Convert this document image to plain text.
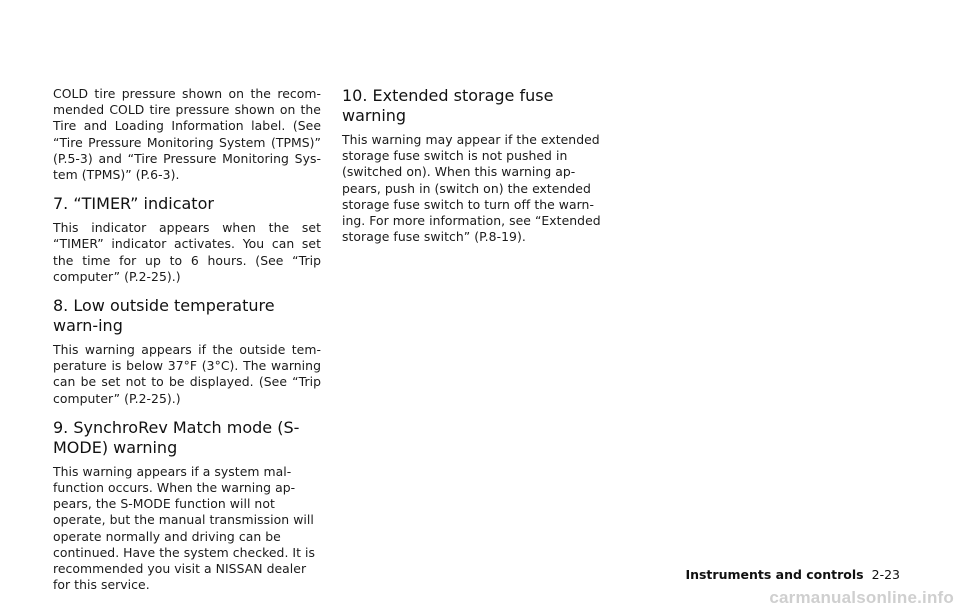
COLD tire pressure shown on the recom-mended COLD tire pressure shown on the Tire and Loading Information label. (See “Tire Pressure Monitoring System (TPMS)” (P.5-3) and “Tire Pressure Monitoring Sys-tem (TPMS)” (P.6-3).

7. “TIMER” indicator

This indicator appears when the set “TIMER” indicator activates. You can set the time for up to 6 hours. (See “Trip computer” (P.2-25).)

8. Low outside temperature warn-ing

This warning appears if the outside tem-perature is below 37°F (3°C). The warning can be set not to be displayed. (See “Trip computer” (P.2-25).)

9. SynchroRev Match mode (S-MODE) warning

This warning appears if a system mal-function occurs. When the warning ap-pears, the S-MODE function will not operate, but the manual transmission will operate normally and driving can be continued. Have the system checked. It is recommended you visit a NISSAN dealer for this service.

10. Extended storage fuse warning

This warning may appear if the extended storage fuse switch is not pushed in (switched on). When this warning ap-pears, push in (switch on) the extended storage fuse switch to turn off the warn-ing. For more information, see “Extended storage fuse switch” (P.8-19).

Instruments and controls 2-23
carmanualsonline.info
